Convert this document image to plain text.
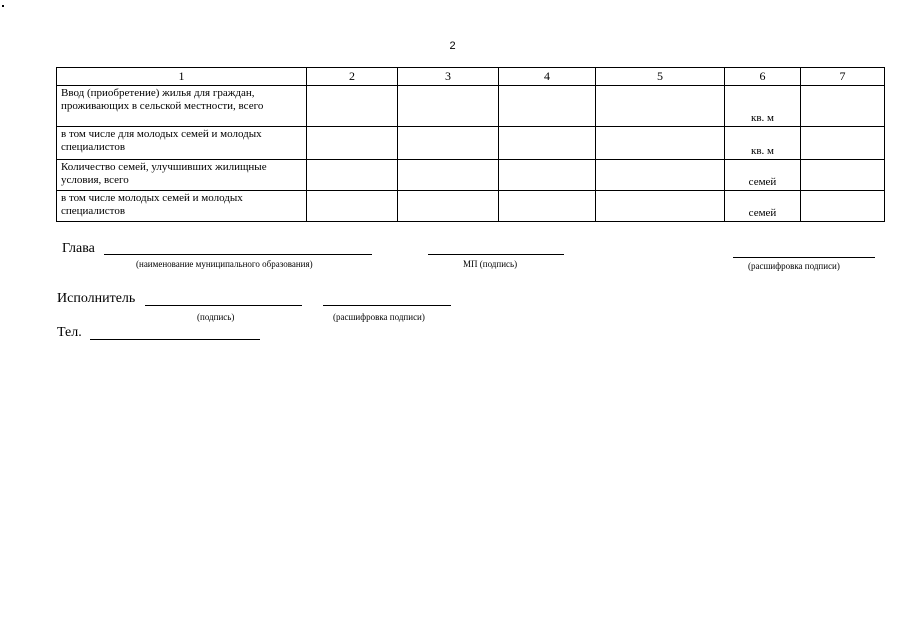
2
1	2	3	4	5	6	7
Ввод (приобретение) жилья для граждан, проживающих в сельской местности, всего					кв. м	
в том числе для молодых семей и молодых специалистов					кв. м	
Количество семей, улучшивших жилищные условия, всего					семей	
в том числе молодых семей и молодых специалистов					семей	
Глава
(наименование муниципального образования)	МП (подпись)	(расшифровка подписи)
Исполнитель
(подпись)	(расшифровка подписи)
Тел.
